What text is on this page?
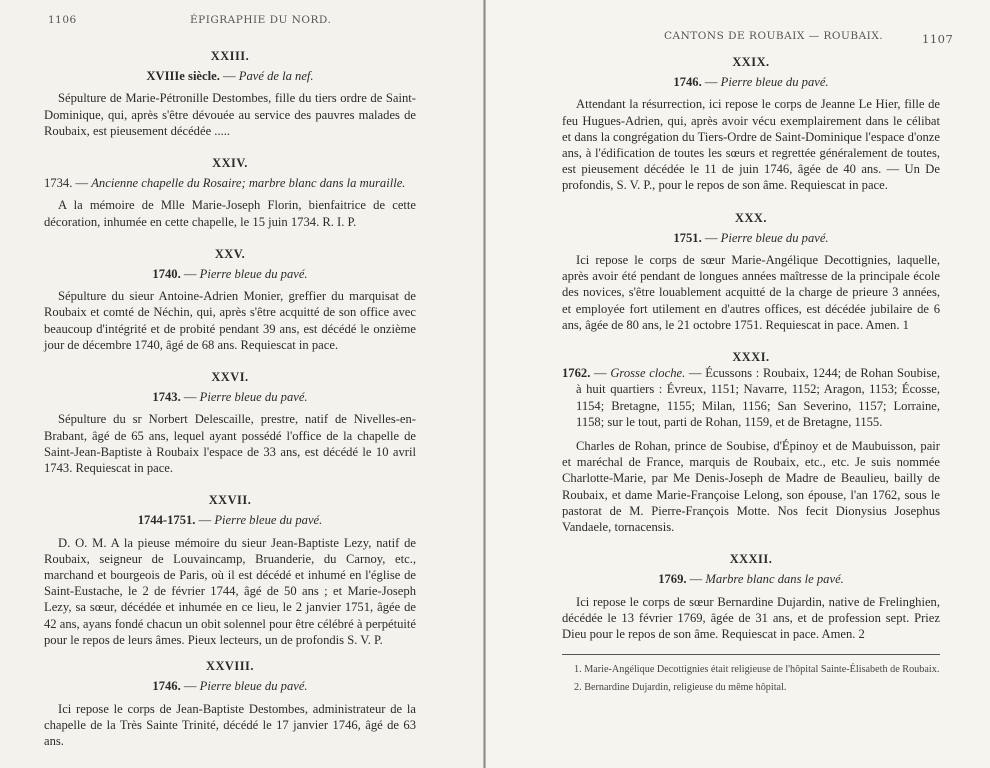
1106	ÉPIGRAPHIE DU NORD.
XXIII.
XVIIIe siècle. — Pavé de la nef.

Sépulture de Marie-Pétronille Destombes, fille du tiers ordre de Saint-Dominique, qui, après s'être dévouée au service des pauvres malades de Roubaix, est pieusement décédée .....

XXIV.
1734. — Ancienne chapelle du Rosaire; marbre blanc dans la muraille.

A la mémoire de Mlle Marie-Joseph Florin, bienfaitrice de cette décoration, inhumée en cette chapelle, le 15 juin 1734. R. I. P.

XXV.
1740. — Pierre bleue du pavé.

Sépulture du sieur Antoine-Adrien Monier, greffier du marquisat de Roubaix et comté de Néchin, qui, après s'être acquitté de son office avec beaucoup d'intégrité et de probité pendant 39 ans, est décédé le onzième jour de décembre 1740, âgé de 68 ans. Requiescat in pace.

XXVI.
1743. — Pierre bleue du pavé.

Sépulture du sr Norbert Delescaille, prestre, natif de Nivelles-en-Brabant, âgé de 65 ans, lequel ayant possédé l'office de la chapelle de Saint-Jean-Baptiste à Roubaix l'espace de 33 ans, est décédé le 10 avril 1743. Requiescat in pace.

XXVII.
1744-1751. — Pierre bleue du pavé.

D. O. M. A la pieuse mémoire du sieur Jean-Baptiste Lezy, natif de Roubaix, seigneur de Louvaincamp, Bruanderie, du Carnoy, etc., marchand et bourgeois de Paris, où il est décédé et inhumé en l'église de Saint-Eustache, le 2 de février 1744, âgé de 50 ans ; et Marie-Joseph Lezy, sa sœur, décédée et inhumée en ce lieu, le 2 janvier 1751, âgée de 42 ans, ayans fondé chacun un obit solennel pour être célébré à perpétuité pour le repos de leurs âmes. Pieux lecteurs, un de profondis S. V. P.

XXVIII.
1746. — Pierre bleue du pavé.

Ici repose le corps de Jean-Baptiste Destombes, administrateur de la chapelle de la Très Sainte Trinité, décédé le 17 janvier 1746, âgé de 63 ans.

CANTONS DE ROUBAIX — ROUBAIX.	1107
XXIX.
1746. — Pierre bleue du pavé.

Attendant la résurrection, ici repose le corps de Jeanne Le Hier, fille de feu Hugues-Adrien, qui, après avoir vécu exemplairement dans le célibat et dans la congrégation du Tiers-Ordre de Saint-Dominique l'espace d'onze ans, à l'édification de toutes les sœurs et regrettée généralement de toutes, est pieusement décédée le 11 de juin 1746, âgée de 40 ans. — Un De profondis, S. V. P., pour le repos de son âme. Requiescat in pace.

XXX.
1751. — Pierre bleue du pavé.

Ici repose le corps de sœur Marie-Angélique Decottignies, laquelle, après avoir été pendant de longues années maîtresse de la principale école des novices, s'être louablement acquitté de la charge de prieure 3 années, et employée fort utilement en d'autres offices, est décédée jubilaire de 6 ans, âgée de 80 ans, le 21 octobre 1751. Requiescat in pace. Amen. 1

XXXI.

1762. — Grosse cloche. — Écussons : Roubaix, 1244; de Rohan Soubise, à huit quartiers : Évreux, 1151; Navarre, 1152; Aragon, 1153; Écosse, 1154; Bretagne, 1155; Milan, 1156; San Severino, 1157; Lorraine, 1158; sur le tout, parti de Rohan, 1159, et de Bretagne, 1155.

Charles de Rohan, prince de Soubise, d'Épinoy et de Maubuisson, pair et maréchal de France, marquis de Roubaix, etc., etc. Je suis nommée Charlotte-Marie, par Me Denis-Joseph de Madre de Beaulieu, bailly de Roubaix, et dame Marie-Françoise Lelong, son épouse, l'an 1762, sous le pastorat de M. Pierre-François Motte. Nos fecit Dionysius Josephus Vandaele, tornacensis.

XXXII.
1769. — Marbre blanc dans le pavé.

Ici repose le corps de sœur Bernardine Dujardin, native de Frelinghien, décédée le 13 février 1769, âgée de 31 ans, et de profession sept. Priez Dieu pour le repos de son âme. Requiescat in pace. Amen. 2

1. Marie-Angélique Decottignies était religieuse de l'hôpital Sainte-Élisabeth de Roubaix.

2. Bernardine Dujardin, religieuse du même hôpital.
